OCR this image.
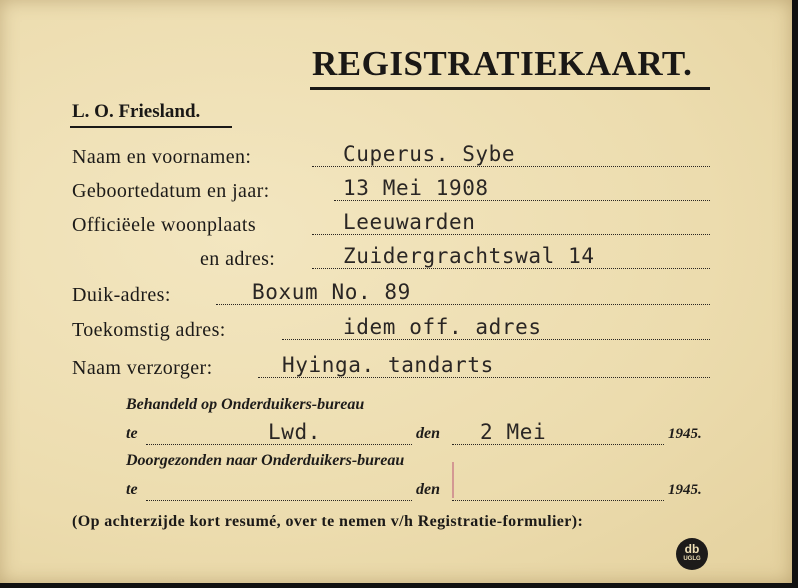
REGISTRATIEKAART.
L. O. Friesland.
Naam en voornamen:	Cuperus. Sybe
Geboortedatum en jaar:	13 Mei 1908
Officiëele woonplaats	Leeuwarden
en adres:	Zuidergrachtswal 14
Duik-adres:	Boxum No. 89
Toekomstig adres:	idem off. adres
Naam verzorger:	Hyinga. tandarts
Behandeld op Onderduikers-bureau
te	Lwd.	den 2 Mei	1945.
Doorgezonden naar Onderduikers-bureau
te	den	1945.
(Op achterzijde kort resumé, over te nemen v/h Registratie-formulier):
db
UGLG
